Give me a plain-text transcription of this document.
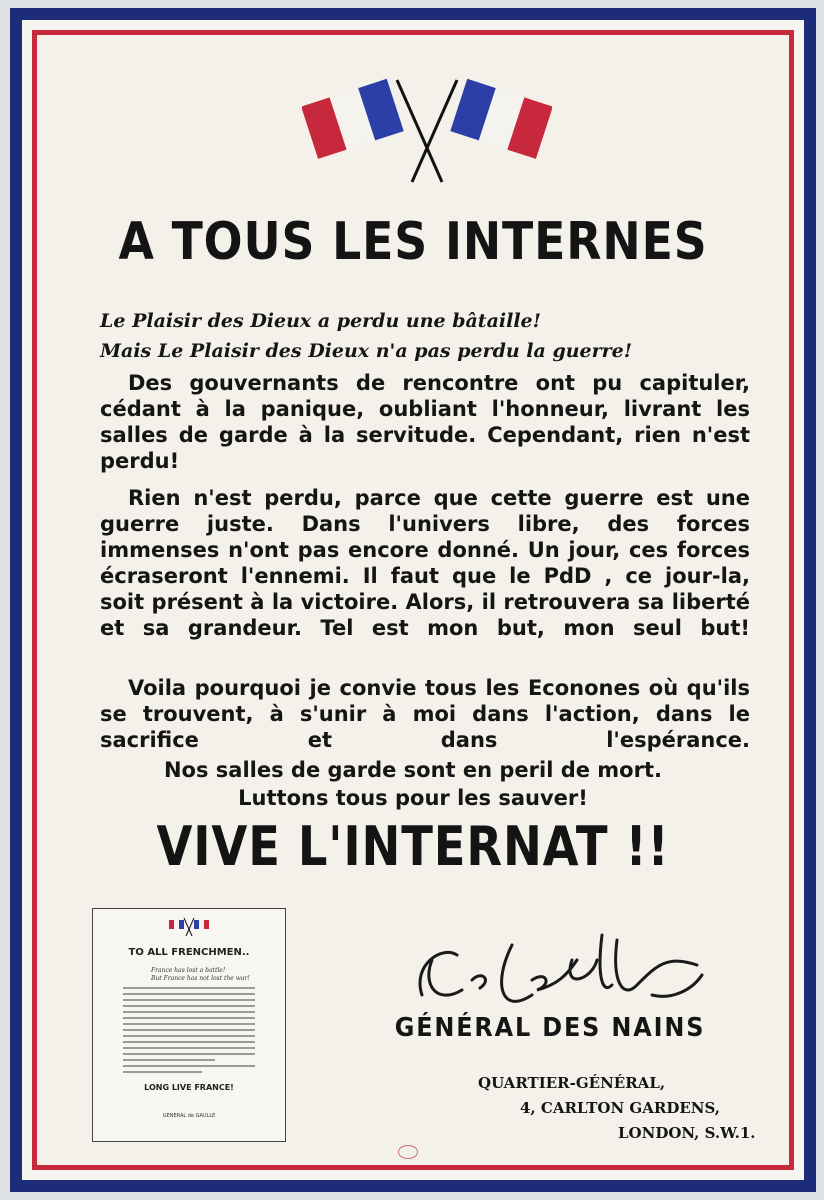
A TOUS LES INTERNES
Le Plaisir des Dieux a perdu une bâtaille!
Mais Le Plaisir des Dieux n'a pas perdu la guerre!
Des gouvernants de rencontre ont pu capituler, cédant à la panique, oubliant l'honneur, livrant les salles de garde à la servitude. Cependant, rien n'est perdu!
Rien n'est perdu, parce que cette guerre est une guerre juste. Dans l'univers libre, des forces immenses n'ont pas encore donné. Un jour, ces forces écraseront l'ennemi. Il faut que le PdD , ce jour-la, soit présent à la victoire. Alors, il retrouvera sa liberté et sa grandeur. Tel est mon but, mon seul but!
Voila pourquoi je convie tous les Econones où qu'ils se trouvent, à s'unir à moi dans l'action, dans le sacrifice et dans l'espérance.
Nos salles de garde sont en peril de mort.
Luttons tous pour les sauver!
VIVE L'INTERNAT !!
TO ALL FRENCHMEN..
France has lost a battle!
But France has not lost the war!
LONG LIVE FRANCE!
GENERAL de GAULLE
GÉNÉRAL DES NAINS
QUARTIER-GÉNÉRAL,
4, CARLTON GARDENS,
LONDON, S.W.1.
